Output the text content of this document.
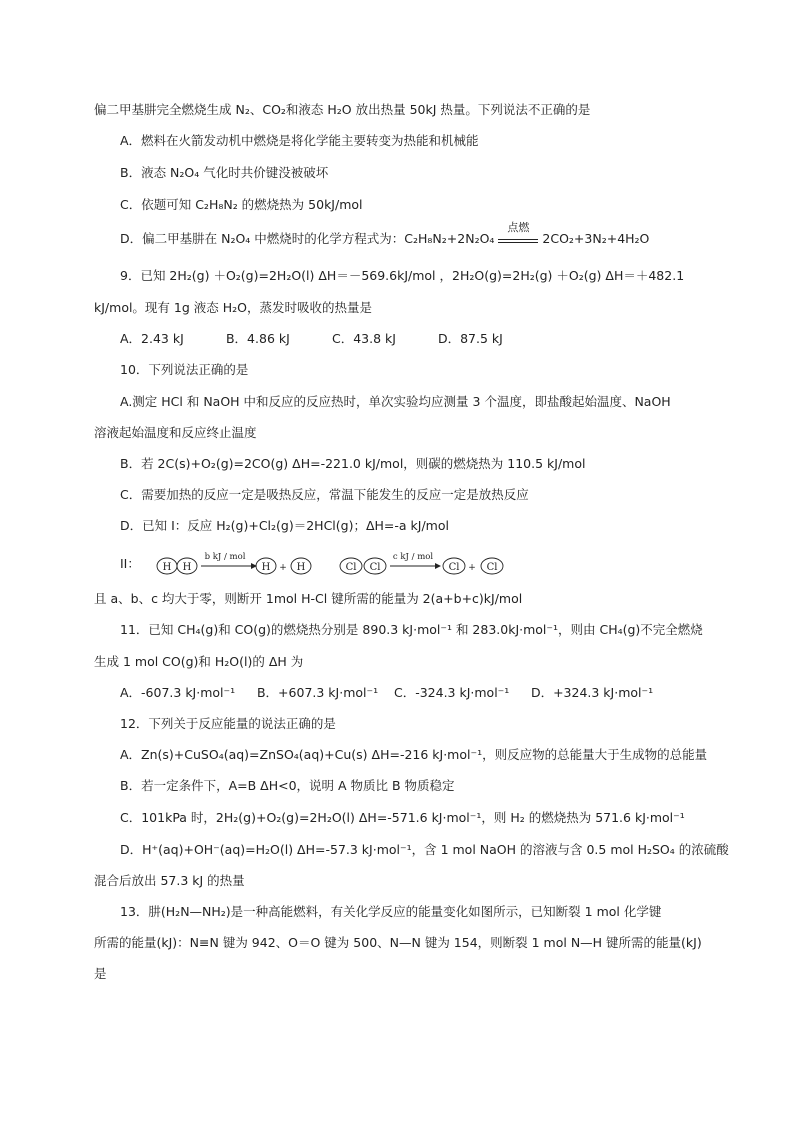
偏二甲基肼完全燃烧生成 N₂、CO₂和液态 H₂O 放出热量 50kJ 热量。下列说法不正确的是
A．燃料在火箭发动机中燃烧是将化学能主要转变为热能和机械能
B．液态 N₂O₄ 气化时共价键没被破坏
C．依题可知 C₂H₈N₂ 的燃烧热为 50kJ/mol
D．偏二甲基肼在 N₂O₄ 中燃烧时的化学方程式为：C₂H₈N₂+2N₂O₄
点燃
2CO₂+3N₂+4H₂O
9．已知 2H₂(g) ＋O₂(g)=2H₂O(l) ΔH＝－569.6kJ/mol ，2H₂O(g)=2H₂(g) ＋O₂(g) ΔH＝＋482.1
kJ/mol。现有 1g 液态 H₂O，蒸发时吸收的热量是
A．2.43 kJ	B．4.86 kJ	C．43.8 kJ	D．87.5 kJ
10．下列说法正确的是
A.测定 HCl 和 NaOH 中和反应的反应热时，单次实验均应测量 3 个温度，即盐酸起始温度、NaOH
溶液起始温度和反应终止温度
B．若 2C(s)+O₂(g)=2CO(g) ΔH=-221.0 kJ/mol，则碳的燃烧热为 110.5 kJ/mol
C．需要加热的反应一定是吸热反应，常温下能发生的反应一定是放热反应
D．已知 I：反应 H₂(g)+Cl₂(g)＝2HCl(g)；ΔH=-a kJ/mol
II： H H
b kJ / mol
H + H	Cl Cl
c kJ / mol
Cl + Cl
且 a、b、c 均大于零，则断开 1mol H-Cl 键所需的能量为 2(a+b+c)kJ/mol
11．已知 CH₄(g)和 CO(g)的燃烧热分别是 890.3 kJ·mol⁻¹ 和 283.0kJ·mol⁻¹，则由 CH₄(g)不完全燃烧
生成 1 mol CO(g)和 H₂O(l)的 ΔH 为
A．-607.3 kJ·mol⁻¹ B．+607.3 kJ·mol⁻¹ C．-324.3 kJ·mol⁻¹ D．+324.3 kJ·mol⁻¹
12．下列关于反应能量的说法正确的是
A．Zn(s)+CuSO₄(aq)=ZnSO₄(aq)+Cu(s) ΔH=-216 kJ·mol⁻¹，则反应物的总能量大于生成物的总能量
B．若一定条件下，A=B ΔH<0，说明 A 物质比 B 物质稳定
C．101kPa 时，2H₂(g)+O₂(g)=2H₂O(l) ΔH=-571.6 kJ·mol⁻¹，则 H₂ 的燃烧热为 571.6 kJ·mol⁻¹
D．H⁺(aq)+OH⁻(aq)=H₂O(l) ΔH=-57.3 kJ·mol⁻¹，含 1 mol NaOH 的溶液与含 0.5 mol H₂SO₄ 的浓硫酸
混合后放出 57.3 kJ 的热量
13．肼(H₂N—NH₂)是一种高能燃料，有关化学反应的能量变化如图所示，已知断裂 1 mol 化学键
所需的能量(kJ)：N≡N 键为 942、O＝O 键为 500、N—N 键为 154，则断裂 1 mol N—H 键所需的能量(kJ)
是
